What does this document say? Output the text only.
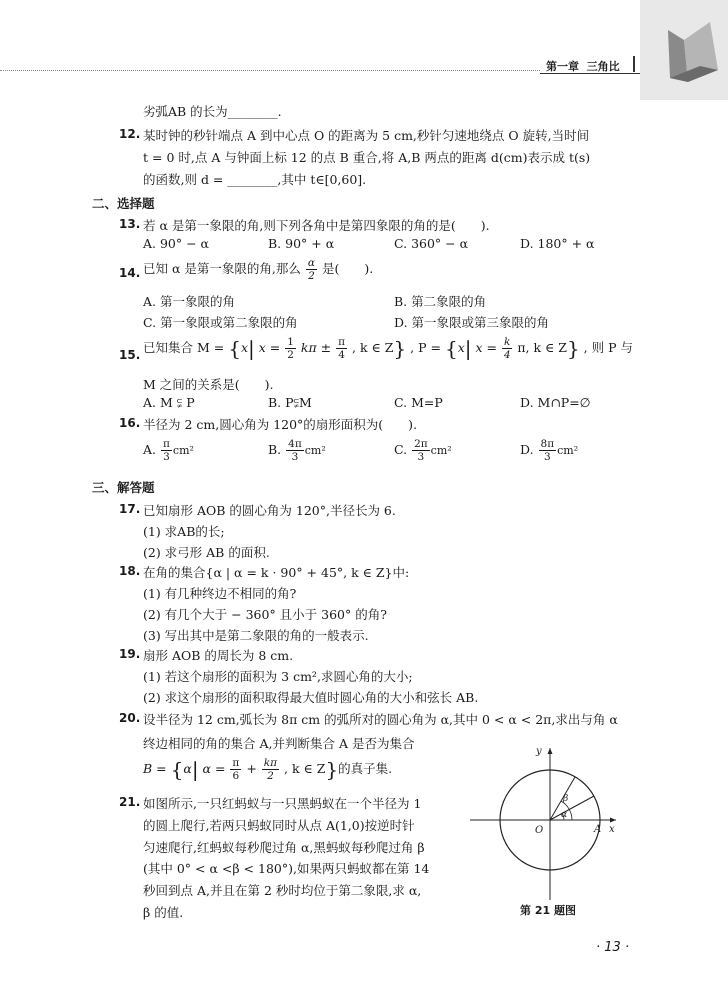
第一章 三角比
劣弧AB 的长为________.
12. 某时钟的秒针端点 A 到中心点 O 的距离为 5 cm,秒针匀速地绕点 O 旋转,当时间
t = 0 时,点 A 与钟面上标 12 的点 B 重合,将 A,B 两点的距离 d(cm)表示成 t(s)
的函数,则 d = ________,其中 t∈[0,60].
二、选择题
13. 若 α 是第一象限的角,则下列各角中是第四象限的角的是(　　).
A. 90° − α	B. 90° + α	C. 360° − α	D. 180° + α
14. 已知 α 是第一象限的角,那么 $\frac{\alpha}{2}$ 是(　　).
A. 第一象限的角	B. 第二象限的角
C. 第一象限或第二象限的角	D. 第一象限或第三象限的角
15. 已知集合 M = {x| $x = \frac{1}{2}$ $k\pi \pm \frac{\pi}{4}$ , k ∈ Z} , P = {x| $x = \frac{k}{4} \pi$, k ∈ Z} , 则 P 与
M 之间的关系是(　　).
A. M ⫋ P	B. P⫋M	C. M=P	D. M∩P=∅
16. 半径为 2 cm,圆心角为 120°的扇形面积为(　　).
A. $\frac{\pi}{3} cm^2$	B. $\frac{4\pi}{3} cm^2$	C. $\frac{2\pi}{3} cm^2$	D. $\frac{8\pi}{3} cm^2$
三、解答题
17. 已知扇形 AOB 的圆心角为 120°,半径长为 6.
(1) 求AB的长;
(2) 求弓形 AB 的面积.
18. 在角的集合{α | α = k · 90° + 45°, k ∈ Z}中:
(1) 有几种终边不相同的角?
(2) 有几个大于 − 360° 且小于 360° 的角?
(3) 写出其中是第二象限的角的一般表示.
19. 扇形 AOB 的周长为 8 cm.
(1) 若这个扇形的面积为 3 cm²,求圆心角的大小;
(2) 求这个扇形的面积取得最大值时圆心角的大小和弦长 AB.
20. 设半径为 12 cm,弧长为 8π cm 的弧所对的圆心角为 α,其中 0 < α < 2π,求出与角 α
终边相同的角的集合 A,并判断集合 A 是否为集合
B = {α| $\alpha = \frac{\pi}{6} + \frac{k\pi}{2}$ , k ∈ Z}的真子集.
21. 如图所示,一只红蚂蚁与一只黑蚂蚁在一个半径为 1
的圆上爬行,若两只蚂蚁同时从点 A(1,0)按逆时针
匀速爬行,红蚂蚁每秒爬过角 α,黑蚂蚁每秒爬过角 β
(其中 0° < α <β < 180°),如果两只蚂蚁都在第 14
秒回到点 A,并且在第 2 秒时均位于第二象限,求 α,
β 的值.
α
β
O	A x
y
第 21 题图
· 13 ·
